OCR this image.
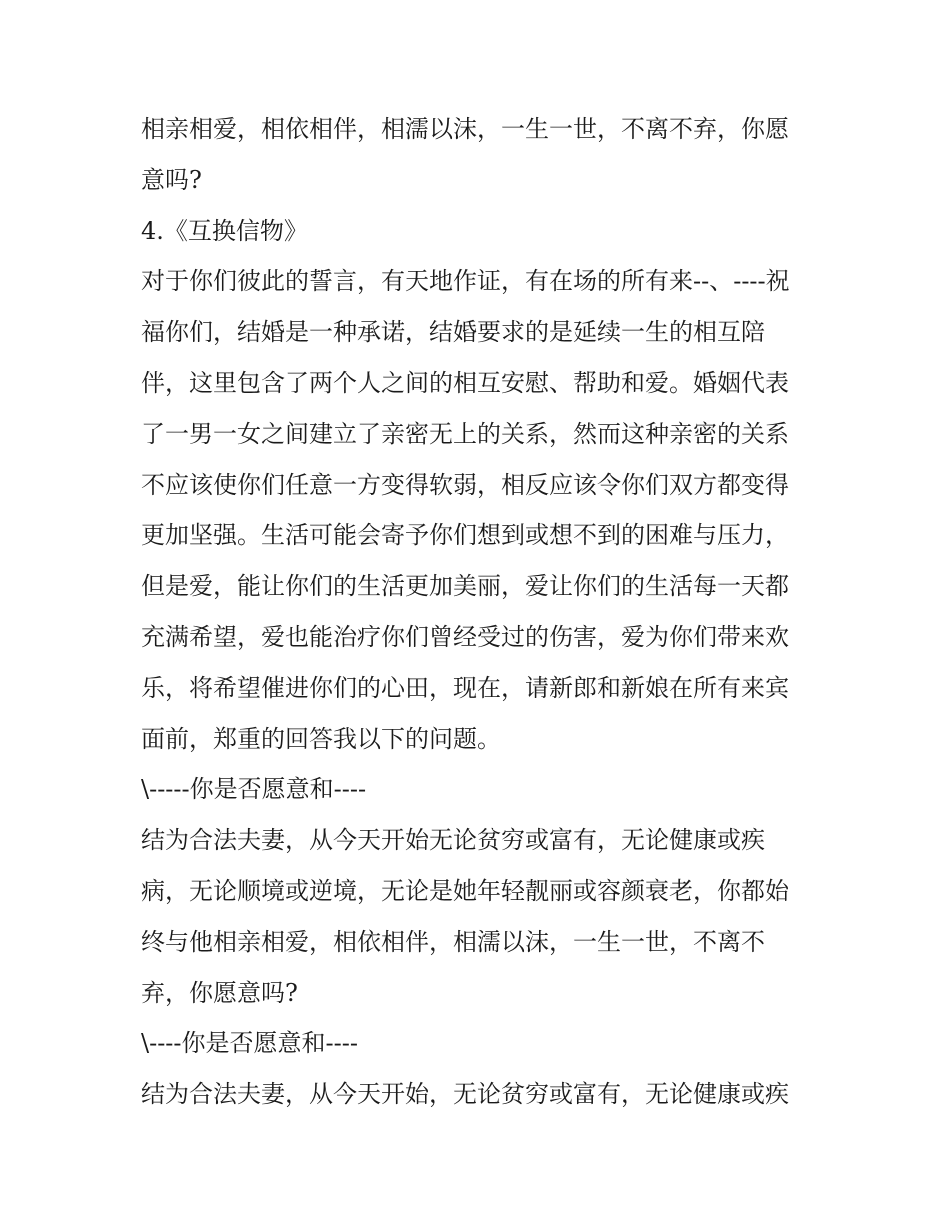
相亲相爱，相依相伴，相濡以沫，一生一世，不离不弃，你愿
意吗?
4.《互换信物》
对于你们彼此的誓言，有天地作证，有在场的所有来--、----祝
福你们，结婚是一种承诺，结婚要求的是延续一生的相互陪
伴，这里包含了两个人之间的相互安慰、帮助和爱。婚姻代表
了一男一女之间建立了亲密无上的关系，然而这种亲密的关系
不应该使你们任意一方变得软弱，相反应该令你们双方都变得
更加坚强。生活可能会寄予你们想到或想不到的困难与压力，
但是爱，能让你们的生活更加美丽，爱让你们的生活每一天都
充满希望，爱也能治疗你们曾经受过的伤害，爱为你们带来欢
乐，将希望催进你们的心田，现在，请新郎和新娘在所有来宾
面前，郑重的回答我以下的问题。
\-----你是否愿意和----
结为合法夫妻，从今天开始无论贫穷或富有，无论健康或疾
病，无论顺境或逆境，无论是她年轻靓丽或容颜衰老，你都始
终与他相亲相爱，相依相伴，相濡以沫，一生一世，不离不
弃，你愿意吗?
\----你是否愿意和----
结为合法夫妻，从今天开始，无论贫穷或富有，无论健康或疾
